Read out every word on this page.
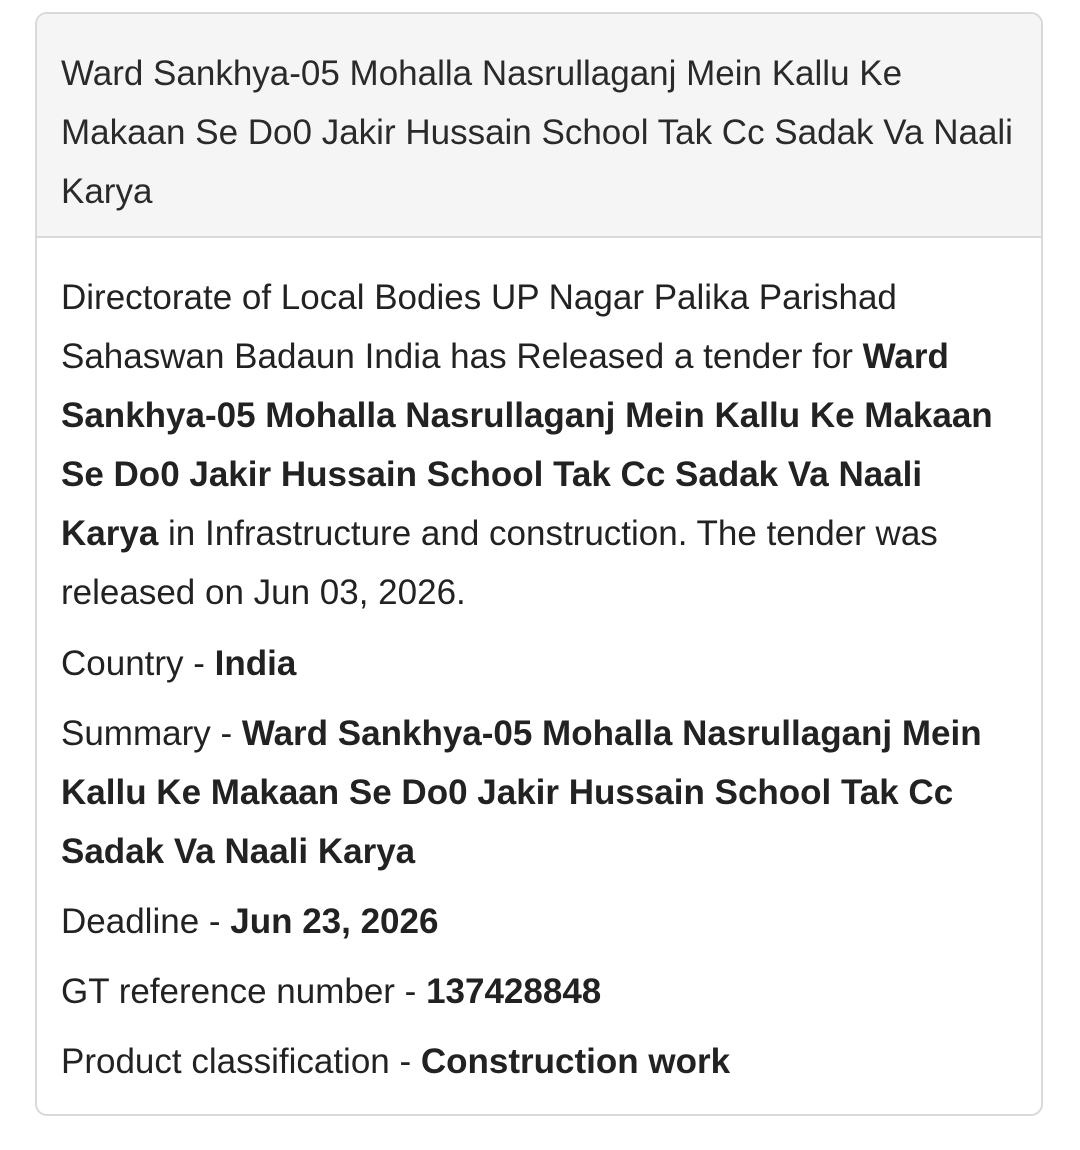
Ward Sankhya-05 Mohalla Nasrullaganj Mein Kallu Ke Makaan Se Do0 Jakir Hussain School Tak Cc Sadak Va Naali Karya

Directorate of Local Bodies UP Nagar Palika Parishad Sahaswan Badaun India has Released a tender for Ward Sankhya-05 Mohalla Nasrullaganj Mein Kallu Ke Makaan Se Do0 Jakir Hussain School Tak Cc Sadak Va Naali Karya in Infrastructure and construction. The tender was released on Jun 03, 2026.

Country - India

Summary - Ward Sankhya-05 Mohalla Nasrullaganj Mein Kallu Ke Makaan Se Do0 Jakir Hussain School Tak Cc Sadak Va Naali Karya

Deadline - Jun 23, 2026

GT reference number - 137428848

Product classification - Construction work
